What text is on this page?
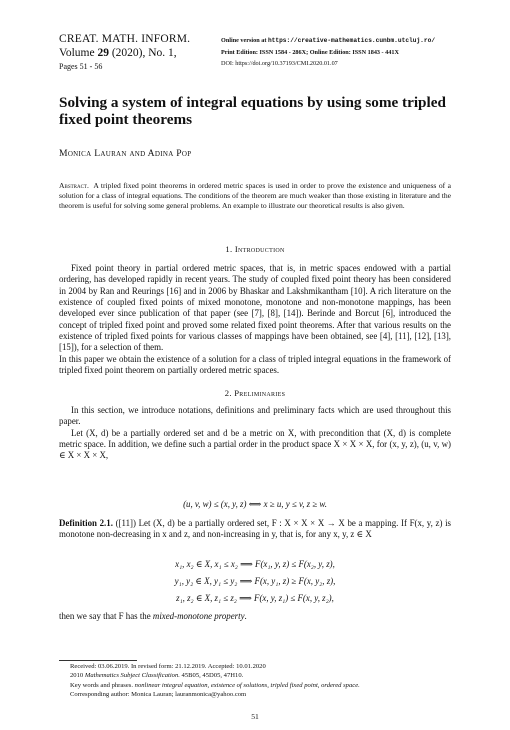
CREAT. MATH. INFORM.
Volume 29 (2020), No. 1,
Pages 51 - 56
Online version at https://creative-mathematics.cunbm.utcluj.ro/
Print Edition: ISSN 1584 - 286X; Online Edition: ISSN 1843 - 441X
DOI: https://doi.org/10.37193/CMI.2020.01.07
Solving a system of integral equations by using some tripled fixed point theorems
Monica Lauran and Adina Pop
Abstract. A tripled fixed point theorems in ordered metric spaces is used in order to prove the existence and uniqueness of a solution for a class of integral equations. The conditions of the theorem are much weaker than those existing in literature and the theorem is useful for solving some general problems. An example to illustrate our theoretical results is also given.
1. Introduction

Fixed point theory in partial ordered metric spaces, that is, in metric spaces endowed with a partial ordering, has developed rapidly in recent years. The study of coupled fixed point theory has been considered in 2004 by Ran and Reurings [16] and in 2006 by Bhaskar and Lakshmikantham [10]. A rich literature on the existence of coupled fixed points of mixed monotone, monotone and non-monotone mappings, has been developed ever since publication of that paper (see [7], [8], [14]). Berinde and Borcut [6], introduced the concept of tripled fixed point and proved some related fixed point theorems. After that various results on the existence of tripled fixed points for various classes of mappings have been obtained, see [4], [11], [12], [13], [15]), for a selection of them.

In this paper we obtain the existence of a solution for a class of tripled integral equations in the framework of tripled fixed point theorem on partially ordered metric spaces.

2. Preliminaries

In this section, we introduce notations, definitions and preliminary facts which are used throughout this paper.

Let (X, d) be a partially ordered set and d be a metric on X, with precondition that (X, d) is complete metric space. In addition, we define such a partial order in the product space X × X × X, for (x, y, z), (u, v, w) ∈ X × X × X,

(u, v, w) ≤ (x, y, z) ⟺ x ≥ u, y ≤ v, z ≥ w.

Definition 2.1. ([11]) Let (X, d) be a partially ordered set, F : X × X × X → X be a mapping. If F(x, y, z) is monotone non-decreasing in x and z, and non-increasing in y, that is, for any x, y, z ∈ X

x₁, x₂ ∈ X, x₁ ≤ x₂ ⟹ F(x₁, y, z) ≤ F(x₂, y, z),
y₁, y₂ ∈ X, y₁ ≤ y₂ ⟹ F(x, y₁, z) ≥ F(x, y₂, z),
z₁, z₂ ∈ X, z₁ ≤ z₂ ⟹ F(x, y, z₁) ≤ F(x, y, z₂),

then we say that F has the mixed-monotone property.

Received: 03.06.2019. In revised form: 21.12.2019. Accepted: 10.01.2020
2010 Mathematics Subject Classification. 45B05, 45D05, 47H10.
Key words and phrases. nonlinear integral equation, existence of solutions, tripled fixed point, ordered space.
Corresponding author: Monica Lauran; lauranmonica@yahoo.com
51
